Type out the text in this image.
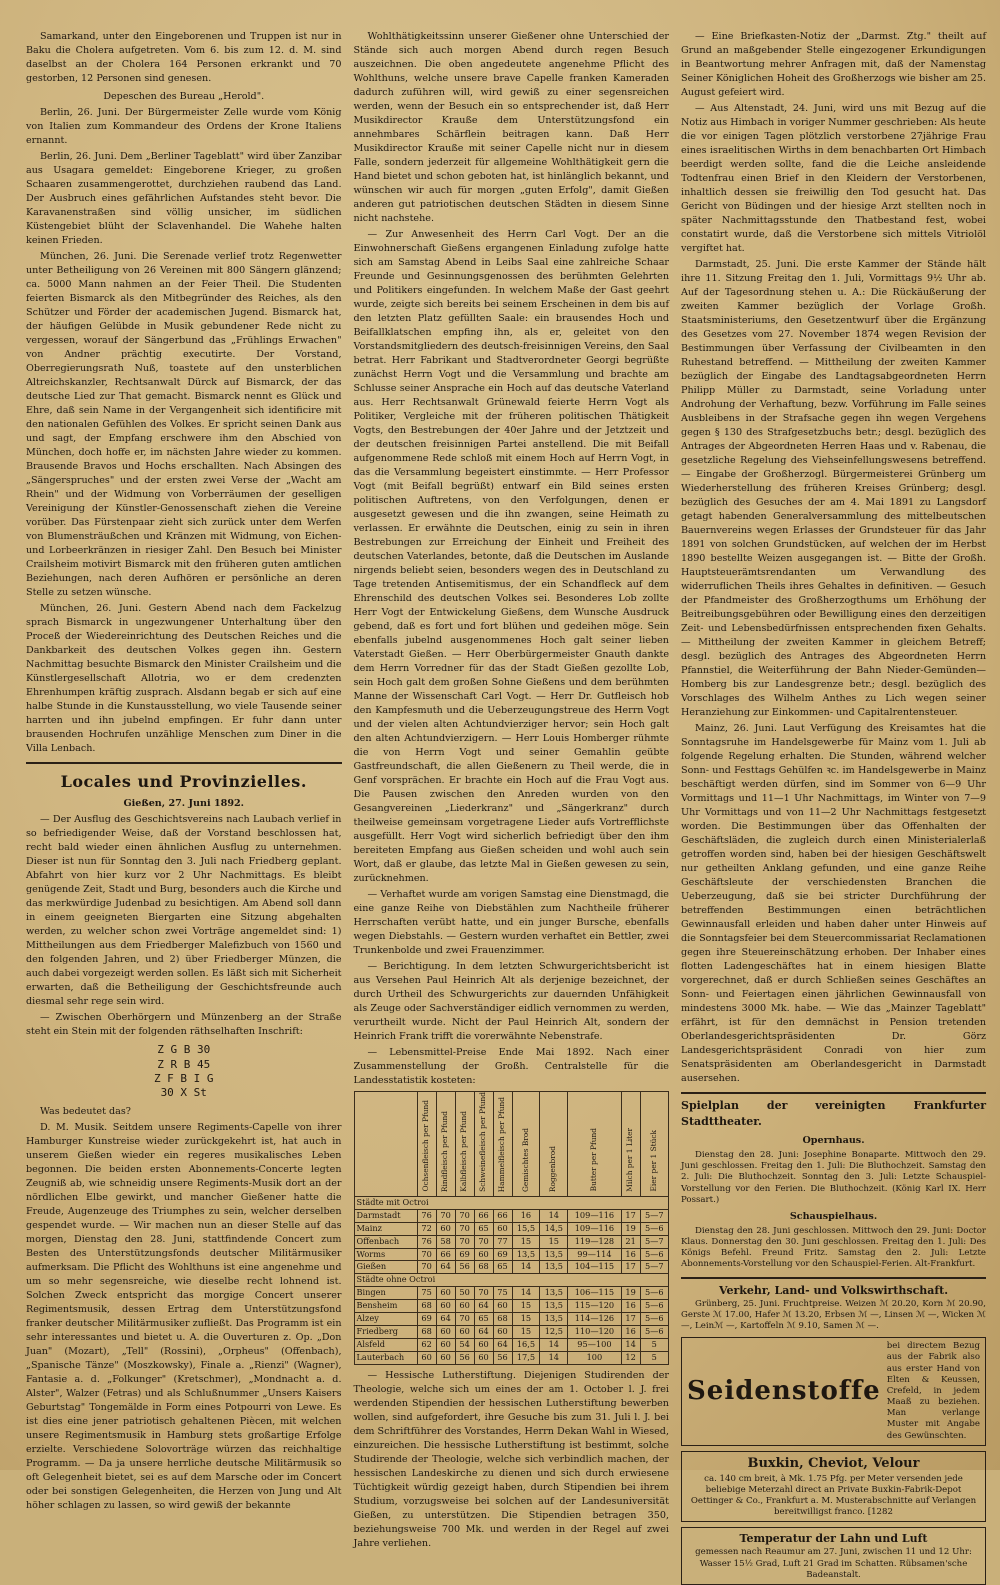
Samarkand, unter den Eingeborenen und Truppen ist nur in Baku die Cholera aufgetreten. Vom 6. bis zum 12. d. M. sind daselbst an der Cholera 164 Personen erkrankt und 70 gestorben, 12 Personen sind genesen.

Depeschen des Bureau „Herold".

Berlin, 26. Juni. Der Bürgermeister Zelle wurde vom König von Italien zum Kommandeur des Ordens der Krone Italiens ernannt.

Berlin, 26. Juni. Dem „Berliner Tageblatt" wird über Zanzibar aus Usagara gemeldet: Eingeborene Krieger, zu großen Schaaren zusammengerottet, durchziehen raubend das Land. Der Ausbruch eines gefährlichen Aufstandes steht bevor. Die Karavanenstraßen sind völlig unsicher, im südlichen Küstengebiet blüht der Sclavenhandel. Die Wahehe halten keinen Frieden.

München, 26. Juni. Die Serenade verlief trotz Regenwetter unter Betheiligung von 26 Vereinen mit 800 Sängern glänzend; ca. 5000 Mann nahmen an der Feier Theil. Die Studenten feierten Bismarck als den Mitbegründer des Reiches, als den Schützer und Förder der academischen Jugend. Bismarck hat, der häufigen Gelübde in Musik gebundener Rede nicht zu vergessen, worauf der Sängerbund das „Frühlings Erwachen" von Andner prächtig executirte. Der Vorstand, Oberregierungsrath Nuß, toastete auf den unsterblichen Altreichskanzler, Rechtsanwalt Dürck auf Bismarck, der das deutsche Lied zur That gemacht. Bismarck nennt es Glück und Ehre, daß sein Name in der Vergangenheit sich identificire mit den nationalen Gefühlen des Volkes. Er spricht seinen Dank aus und sagt, der Empfang erschwere ihm den Abschied von München, doch hoffe er, im nächsten Jahre wieder zu kommen. Brausende Bravos und Hochs erschallten. Nach Absingen des „Sängerspruches" und der ersten zwei Verse der „Wacht am Rhein" und der Widmung von Vorberräumen der geselligen Vereinigung der Künstler-Genossenschaft ziehen die Vereine vorüber. Das Fürstenpaar zieht sich zurück unter dem Werfen von Blumensträußchen und Kränzen mit Widmung, von Eichen- und Lorbeerkränzen in riesiger Zahl. Den Besuch bei Minister Crailsheim motivirt Bismarck mit den früheren guten amtlichen Beziehungen, nach deren Aufhören er persönliche an deren Stelle zu setzen wünsche.

München, 26. Juni. Gestern Abend nach dem Fackelzug sprach Bismarck in ungezwungener Unterhaltung über den Proceß der Wiedereinrichtung des Deutschen Reiches und die Dankbarkeit des deutschen Volkes gegen ihn. Gestern Nachmittag besuchte Bismarck den Minister Crailsheim und die Künstlergesellschaft Allotria, wo er dem credenzten Ehrenhumpen kräftig zusprach. Alsdann begab er sich auf eine halbe Stunde in die Kunstausstellung, wo viele Tausende seiner harrten und ihn jubelnd empfingen. Er fuhr dann unter brausenden Hochrufen unzählige Menschen zum Diner in die Villa Lenbach.

Locales und Provinzielles.
Gießen, 27. Juni 1892.

— Der Ausflug des Geschichtsvereins nach Laubach verlief in so befriedigender Weise, daß der Vorstand beschlossen hat, recht bald wieder einen ähnlichen Ausflug zu unternehmen. Dieser ist nun für Sonntag den 3. Juli nach Friedberg geplant. Abfahrt von hier kurz vor 2 Uhr Nachmittags. Es bleibt genügende Zeit, Stadt und Burg, besonders auch die Kirche und das merkwürdige Judenbad zu besichtigen. Am Abend soll dann in einem geeigneten Biergarten eine Sitzung abgehalten werden, zu welcher schon zwei Vorträge angemeldet sind: 1) Mittheilungen aus dem Friedberger Malefizbuch von 1560 und den folgenden Jahren, und 2) über Friedberger Münzen, die auch dabei vorgezeigt werden sollen. Es läßt sich mit Sicherheit erwarten, daß die Betheiligung der Geschichtsfreunde auch diesmal sehr rege sein wird.

— Zwischen Oberhörgern und Münzenberg an der Straße steht ein Stein mit der folgenden räthselhaften Inschrift:

Z G B 30
Z R B 45
Z F B I G
30 X St

Was bedeutet das?

D. M. Musik. Seitdem unsere Regiments-Capelle von ihrer Hamburger Kunstreise wieder zurückgekehrt ist, hat auch in unserem Gießen wieder ein regeres musikalisches Leben begonnen. Die beiden ersten Abonnements-Concerte legten Zeugniß ab, wie schneidig unsere Regiments-Musik dort an der nördlichen Elbe gewirkt, und mancher Gießener hatte die Freude, Augenzeuge des Triumphes zu sein, welcher derselben gespendet wurde. — Wir machen nun an dieser Stelle auf das morgen, Dienstag den 28. Juni, stattfindende Concert zum Besten des Unterstützungsfonds deutscher Militärmusiker aufmerksam. Die Pflicht des Wohlthuns ist eine angenehme und um so mehr segensreiche, wie dieselbe recht lohnend ist. Solchen Zweck entspricht das morgige Concert unserer Regimentsmusik, dessen Ertrag dem Unterstützungsfond franker deutscher Militärmusiker zufließt. Das Programm ist ein sehr interessantes und bietet u. A. die Ouverturen z. Op. „Don Juan" (Mozart), „Tell" (Rossini), „Orpheus" (Offenbach), „Spanische Tänze" (Moszkowsky), Finale a. „Rienzi" (Wagner), Fantasie a. d. „Folkunger" (Kretschmer), „Mondnacht a. d. Alster", Walzer (Fetras) und als Schlußnummer „Unsers Kaisers Geburtstag" Tongemälde in Form eines Potpourri von Lewe. Es ist dies eine jener patriotisch gehaltenen Piècen, mit welchen unsere Regimentsmusik in Hamburg stets großartige Erfolge erzielte. Verschiedene Solovorträge würzen das reichhaltige Programm. — Da ja unsere herrliche deutsche Militärmusik so oft Gelegenheit bietet, sei es auf dem Marsche oder im Concert oder bei sonstigen Gelegenheiten, die Herzen von Jung und Alt höher schlagen zu lassen, so wird gewiß der bekannte

Wohlthätigkeitssinn unserer Gießener ohne Unterschied der Stände sich auch morgen Abend durch regen Besuch auszeichnen. Die oben angedeutete angenehme Pflicht des Wohlthuns, welche unsere brave Capelle franken Kameraden dadurch zuführen will, wird gewiß zu einer segensreichen werden, wenn der Besuch ein so entsprechender ist, daß Herr Musikdirector Krauße dem Unterstützungsfond ein annehmbares Schärflein beitragen kann. Daß Herr Musikdirector Krauße mit seiner Capelle nicht nur in diesem Falle, sondern jederzeit für allgemeine Wohlthätigkeit gern die Hand bietet und schon geboten hat, ist hinlänglich bekannt, und wünschen wir auch für morgen „guten Erfolg", damit Gießen anderen gut patriotischen deutschen Städten in diesem Sinne nicht nachstehe.

— Zur Anwesenheit des Herrn Carl Vogt. Der an die Einwohnerschaft Gießens ergangenen Einladung zufolge hatte sich am Samstag Abend in Leibs Saal eine zahlreiche Schaar Freunde und Gesinnungsgenossen des berühmten Gelehrten und Politikers eingefunden. In welchem Maße der Gast geehrt wurde, zeigte sich bereits bei seinem Erscheinen in dem bis auf den letzten Platz gefüllten Saale: ein brausendes Hoch und Beifallklatschen empfing ihn, als er, geleitet von den Vorstandsmitgliedern des deutsch-freisinnigen Vereins, den Saal betrat. Herr Fabrikant und Stadtverordneter Georgi begrüßte zunächst Herrn Vogt und die Versammlung und brachte am Schlusse seiner Ansprache ein Hoch auf das deutsche Vaterland aus. Herr Rechtsanwalt Grünewald feierte Herrn Vogt als Politiker, Vergleiche mit der früheren politischen Thätigkeit Vogts, den Bestrebungen der 40er Jahre und der Jetztzeit und der deutschen freisinnigen Partei anstellend. Die mit Beifall aufgenommene Rede schloß mit einem Hoch auf Herrn Vogt, in das die Versammlung begeistert einstimmte. — Herr Professor Vogt (mit Beifall begrüßt) entwarf ein Bild seines ersten politischen Auftretens, von den Verfolgungen, denen er ausgesetzt gewesen und die ihn zwangen, seine Heimath zu verlassen. Er erwähnte die Deutschen, einig zu sein in ihren Bestrebungen zur Erreichung der Einheit und Freiheit des deutschen Vaterlandes, betonte, daß die Deutschen im Auslande nirgends beliebt seien, besonders wegen des in Deutschland zu Tage tretenden Antisemitismus, der ein Schandfleck auf dem Ehrenschild des deutschen Volkes sei. Besonderes Lob zollte Herr Vogt der Entwickelung Gießens, dem Wunsche Ausdruck gebend, daß es fort und fort blühen und gedeihen möge. Sein ebenfalls jubelnd ausgenommenes Hoch galt seiner lieben Vaterstadt Gießen. — Herr Oberbürgermeister Gnauth dankte dem Herrn Vorredner für das der Stadt Gießen gezollte Lob, sein Hoch galt dem großen Sohne Gießens und dem berühmten Manne der Wissenschaft Carl Vogt. — Herr Dr. Gutfleisch hob den Kampfesmuth und die Ueberzeugungstreue des Herrn Vogt und der vielen alten Achtundvierziger hervor; sein Hoch galt den alten Achtundvierzigern. — Herr Louis Homberger rühmte die von Herrn Vogt und seiner Gemahlin geübte Gastfreundschaft, die allen Gießenern zu Theil werde, die in Genf vorsprächen. Er brachte ein Hoch auf die Frau Vogt aus. Die Pausen zwischen den Anreden wurden von den Gesangvereinen „Liederkranz" und „Sängerkranz" durch theilweise gemeinsam vorgetragene Lieder aufs Vortrefflichste ausgefüllt. Herr Vogt wird sicherlich befriedigt über den ihm bereiteten Empfang aus Gießen scheiden und wohl auch sein Wort, daß er glaube, das letzte Mal in Gießen gewesen zu sein, zurücknehmen.

— Verhaftet wurde am vorigen Samstag eine Dienstmagd, die eine ganze Reihe von Diebstählen zum Nachtheile früherer Herrschaften verübt hatte, und ein junger Bursche, ebenfalls wegen Diebstahls. — Gestern wurden verhaftet ein Bettler, zwei Trunkenbolde und zwei Frauenzimmer.

— Berichtigung. In dem letzten Schwurgerichtsbericht ist aus Versehen Paul Heinrich Alt als derjenige bezeichnet, der durch Urtheil des Schwurgerichts zur dauernden Unfähigkeit als Zeuge oder Sachverständiger eidlich vernommen zu werden, verurtheilt wurde. Nicht der Paul Heinrich Alt, sondern der Heinrich Frank trifft die vorerwähnte Nebenstrafe.

— Lebensmittel-Preise Ende Mai 1892. Nach einer Zusammenstellung der Großh. Centralstelle für die Landesstatistik kosteten:

	Ochsenfleisch per Pfund	Rindfleisch per Pfund	Kalbfleisch per Pfund	Schweinefleisch per Pfund	Hammelfleisch per Pfund	Gemischtes Brod	Roggenbrod	Butter per Pfund	Milch per 1 Liter	Eier per 1 Stück
Städte mit Octroi										
Darmstadt	76	70	70	66	66	16	14	109—116	17	5—7
Mainz	72	60	70	65	60	15,5	14,5	109—116	19	5—6
Offenbach	76	58	70	70	77	15	15	119—128	21	5—7
Worms	70	66	69	60	69	13,5	13,5	99—114	16	5—6
Gießen	70	64	56	68	65	14	13,5	104—115	17	5—7
Städte ohne Octroi										
Bingen	75	60	50	70	75	14	13,5	106—115	19	5—6
Bensheim	68	60	60	64	60	15	13,5	115—120	16	5—6
Alzey	69	64	70	65	68	15	13,5	114—126	17	5—6
Friedberg	68	60	60	64	60	15	12,5	110—120	16	5—6
Alsfeld	62	60	54	60	64	16,5	14	95—100	14	5
Lauterbach	60	60	56	60	56	17,5	14	100	12	5

— Hessische Lutherstiftung. Diejenigen Studirenden der Theologie, welche sich um eines der am 1. October l. J. frei werdenden Stipendien der hessischen Lutherstiftung bewerben wollen, sind aufgefordert, ihre Gesuche bis zum 31. Juli l. J. bei dem Schriftführer des Vorstandes, Herrn Dekan Wahl in Wiesed, einzureichen. Die hessische Lutherstiftung ist bestimmt, solche Studirende der Theologie, welche sich verbindlich machen, der hessischen Landeskirche zu dienen und sich durch erwiesene Tüchtigkeit würdig gezeigt haben, durch Stipendien bei ihrem Studium, vorzugsweise bei solchen auf der Landesuniversität Gießen, zu unterstützen. Die Stipendien betragen 350, beziehungsweise 700 Mk. und werden in der Regel auf zwei Jahre verliehen.

— Eine Briefkasten-Notiz der „Darmst. Ztg." theilt auf Grund an maßgebender Stelle eingezogener Erkundigungen in Beantwortung mehrer Anfragen mit, daß der Namenstag Seiner Königlichen Hoheit des Großherzogs wie bisher am 25. August gefeiert wird.

— Aus Altenstadt, 24. Juni, wird uns mit Bezug auf die Notiz aus Himbach in voriger Nummer geschrieben: Als heute die vor einigen Tagen plötzlich verstorbene 27jährige Frau eines israelitischen Wirths in dem benachbarten Ort Himbach beerdigt werden sollte, fand die die Leiche ansleidende Todtenfrau einen Brief in den Kleidern der Verstorbenen, inhaltlich dessen sie freiwillig den Tod gesucht hat. Das Gericht von Büdingen und der hiesige Arzt stellten noch in später Nachmittagsstunde den Thatbestand fest, wobei constatirt wurde, daß die Verstorbene sich mittels Vitriolöl vergiftet hat.

Darmstadt, 25. Juni. Die erste Kammer der Stände hält ihre 11. Sitzung Freitag den 1. Juli, Vormittags 9½ Uhr ab. Auf der Tagesordnung stehen u. A.: Die Rückäußerung der zweiten Kammer bezüglich der Vorlage Großh. Staatsministeriums, den Gesetzentwurf über die Ergänzung des Gesetzes vom 27. November 1874 wegen Revision der Bestimmungen über Verfassung der Civilbeamten in den Ruhestand betreffend. — Mittheilung der zweiten Kammer bezüglich der Eingabe des Landtagsabgeordneten Herrn Philipp Müller zu Darmstadt, seine Vorladung unter Androhung der Verhaftung, bezw. Vorführung im Falle seines Ausbleibens in der Strafsache gegen ihn wegen Vergehens gegen § 130 des Strafgesetzbuchs betr.; desgl. bezüglich des Antrages der Abgeordneten Herren Haas und v. Rabenau, die gesetzliche Regelung des Viehseinfellungswesens betreffend. — Eingabe der Großherzogl. Bürgermeisterei Grünberg um Wiederherstellung des früheren Kreises Grünberg; desgl. bezüglich des Gesuches der am 4. Mai 1891 zu Langsdorf getagt habenden Generalversammlung des mittelbeutschen Bauernvereins wegen Erlasses der Grundsteuer für das Jahr 1891 von solchen Grundstücken, auf welchen der im Herbst 1890 bestellte Weizen ausgegangen ist. — Bitte der Großh. Hauptsteuerämtsrendanten um Verwandlung des widerruflichen Theils ihres Gehaltes in definitiven. — Gesuch der Pfandmeister des Großherzogthums um Erhöhung der Beitreibungsgebühren oder Bewilligung eines den derzeitigen Zeit- und Lebensbedürfnissen entsprechenden fixen Gehalts. — Mittheilung der zweiten Kammer in gleichem Betreff; desgl. bezüglich des Antrages des Abgeordneten Herrn Pfannstiel, die Weiterführung der Bahn Nieder-Gemünden—Homberg bis zur Landesgrenze betr.; desgl. bezüglich des Vorschlages des Wilhelm Anthes zu Lich wegen seiner Heranziehung zur Einkommen- und Capitalrentensteuer.

Mainz, 26. Juni. Laut Verfügung des Kreisamtes hat die Sonntagsruhe im Handelsgewerbe für Mainz vom 1. Juli ab folgende Regelung erhalten. Die Stunden, während welcher Sonn- und Festtags Gehülfen ꝛc. im Handelsgewerbe in Mainz beschäftigt werden dürfen, sind im Sommer von 6—9 Uhr Vormittags und 11—1 Uhr Nachmittags, im Winter von 7—9 Uhr Vormittags und von 11—2 Uhr Nachmittags festgesetzt worden. Die Bestimmungen über das Offenhalten der Geschäftsläden, die zugleich durch einen Ministerialerlaß getroffen worden sind, haben bei der hiesigen Geschäftswelt nur getheilten Anklang gefunden, und eine ganze Reihe Geschäftsleute der verschiedensten Branchen die Ueberzeugung, daß sie bei stricter Durchführung der betreffenden Bestimmungen einen beträchtlichen Gewinnausfall erleiden und haben daher unter Hinweis auf die Sonntagsfeier bei dem Steuercommissariat Reclamationen gegen ihre Steuereinschätzung erhoben. Der Inhaber eines flotten Ladengeschäftes hat in einem hiesigen Blatte vorgerechnet, daß er durch Schließen seines Geschäftes an Sonn- und Feiertagen einen jährlichen Gewinnausfall von mindestens 3000 Mk. habe. — Wie das „Mainzer Tageblatt" erfährt, ist für den demnächst in Pension tretenden Oberlandesgerichtspräsidenten Dr. Görz Landesgerichtspräsident Conradi von hier zum Senatspräsidenten am Oberlandesgericht in Darmstadt ausersehen.

Spielplan der vereinigten Frankfurter Stadttheater.
Opernhaus.

Dienstag den 28. Juni: Josephine Bonaparte. Mittwoch den 29. Juni geschlossen. Freitag den 1. Juli: Die Bluthochzeit. Samstag den 2. Juli: Die Bluthochzeit. Sonntag den 3. Juli: Letzte Schauspiel-Vorstellung vor den Ferien. Die Bluthochzeit. (König Karl IX. Herr Possart.)

Schauspielhaus.

Dienstag den 28. Juni geschlossen. Mittwoch den 29. Juni: Doctor Klaus. Donnerstag den 30. Juni geschlossen. Freitag den 1. Juli: Des Königs Befehl. Freund Fritz. Samstag den 2. Juli: Letzte Abonnements-Vorstellung vor den Schauspiel-Ferien. Alt-Frankfurt.

Verkehr, Land- und Volkswirthschaft.

Grünberg, 25. Juni. Fruchtpreise. Weizen ℳ 20.20, Korn ℳ 20.90, Gerste ℳ 17.00, Hafer ℳ 13.20, Erbsen ℳ —, Linsen ℳ —, Wicken ℳ —, Leinℳ —, Kartoffeln ℳ 9.10, Samen ℳ —.

Seidenstoffe
bei directem Bezug aus der Fabrik also aus erster Hand von Elten & Keussen, Crefeld, in jedem Maaß zu beziehen. Man verlange Muster mit Angabe des Gewünschten.
Buxkin, Cheviot, Velour
ca. 140 cm breit, à Mk. 1.75 Pfg. per Meter versenden jede beliebige Meterzahl direct an Private Buxkin-Fabrik-Depot Oettinger & Co., Frankfurt a. M. Musterabschnitte auf Verlangen bereitwilligst franco. [1282
Temperatur der Lahn und Luft
gemessen nach Reaumur am 27. Juni, zwischen 11 und 12 Uhr: Wasser 15½ Grad, Luft 21 Grad im Schatten. Rübsamen'sche Badeanstalt.
